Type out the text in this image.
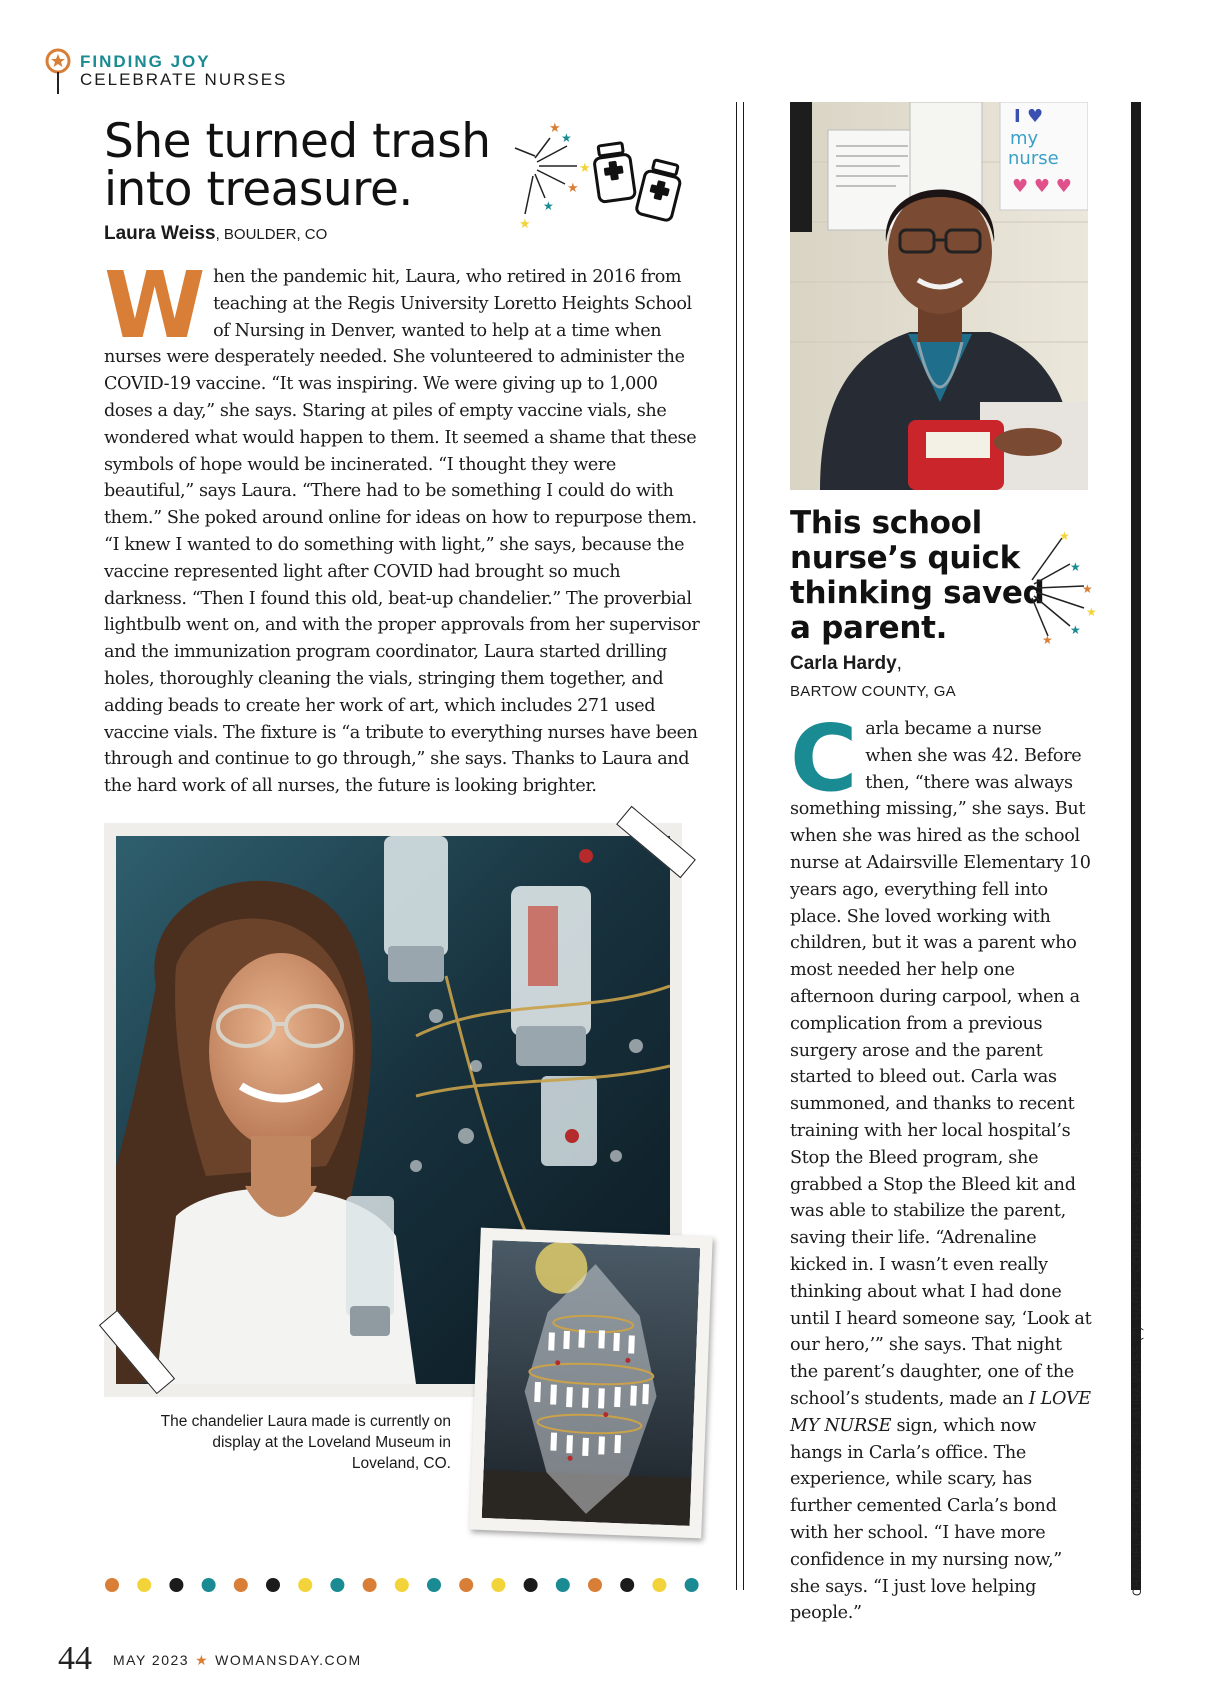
FINDING JOY
CELEBRATE NURSES
She turned trash into treasure.
★
★
★
★
★
★
Laura Weiss, BOULDER, CO

When the pandemic hit, Laura, who retired in 2016 from teaching at the Regis University Loretto Heights School of Nursing in Denver, wanted to help at a time when nurses were desperately needed. She volunteered to administer the COVID-19 vaccine. “It was inspiring. We were giving up to 1,000 doses a day,” she says. Staring at piles of empty vaccine vials, she wondered what would happen to them. It seemed a shame that these symbols of hope would be incinerated. “I thought they were beautiful,” says Laura. “There had to be something I could do with them.” She poked around online for ideas on how to repurpose them. “I knew I wanted to do something with light,” she says, because the vaccine represented light after COVID had brought so much darkness. “Then I found this old, beat-up chandelier.” The proverbial lightbulb went on, and with the proper approvals from her supervisor and the immunization program coordinator, Laura started drilling holes, thoroughly cleaning the vials, stringing them together, and adding beads to create her work of art, which includes 271 used vaccine vials. The fixture is “a tribute to everything nurses have been through and continue to go through,” she says. Thanks to Laura and the hard work of all nurses, the future is looking brighter.

The chandelier Laura made is currently on display at the Loveland Museum in Loveland, CO.

I ♥
my
nurse
♥ ♥ ♥
This school nurse’s quick thinking saved a parent.
★
★
★
★
★
★
Carla Hardy,
BARTOW COUNTY, GA

Carla became a nurse when she was 42. Before then, “there was always something missing,” she says. But when she was hired as the school nurse at Adairsville Elementary 10 years ago, everything fell into place. She loved working with children, but it was a parent who most needed her help one afternoon during carpool, when a complication from a previous surgery arose and the parent started to bleed out. Carla was summoned, and thanks to recent training with her local hospital’s Stop the Bleed program, she grabbed a Stop the Bleed kit and was able to stabilize the parent, saving their life. “Adrenaline kicked in. I wasn’t even really thinking about what I had done until I heard someone say, ‘Look at our hero,’” she says. That night the parent’s daughter, one of the school’s students, made an I LOVE MY NURSE sign, which now hangs in Carla’s office. The experience, while scary, has further cemented Carla’s bond with her school. “I have more confidence in my nursing now,” she says. “I just love helping people.”

CHANDELIER: COURTESY OF LAURA WEISS (2). HARDY: COURTESY OF SUBJECT.
44 MAY 2023 ★ WOMANSDAY.COM
